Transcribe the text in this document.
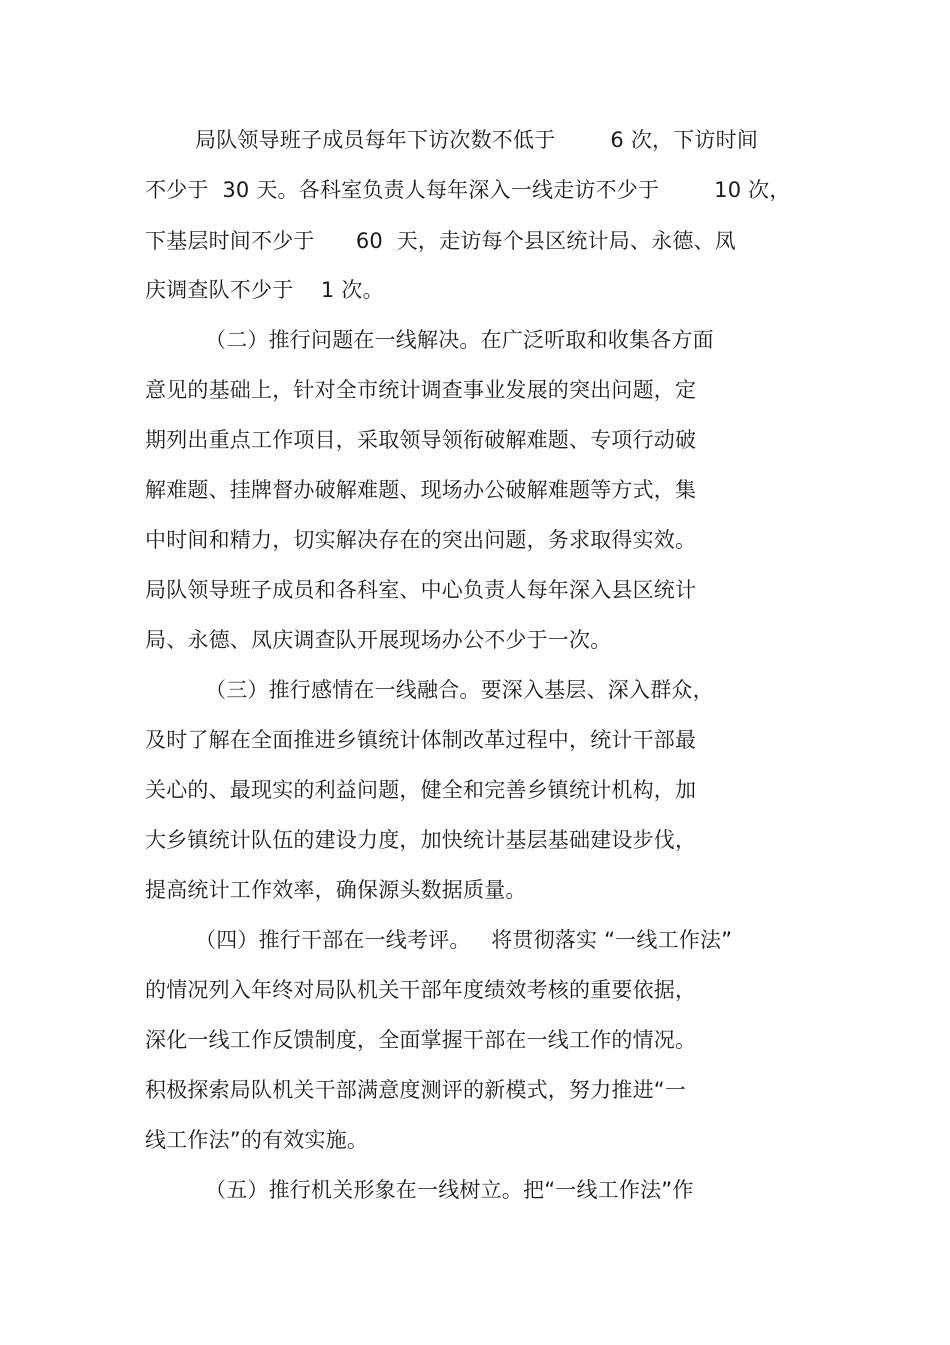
局队领导班子成员每年下访次数不低于        6 次，下访时间
不少于  30 天。各科室负责人每年深入一线走访不少于        10 次，
下基层时间不少于      60  天，走访每个县区统计局、永德、凤
庆调查队不少于    1 次。
（二）推行问题在一线解决。在广泛听取和收集各方面
意见的基础上，针对全市统计调查事业发展的突出问题，定
期列出重点工作项目，采取领导领衔破解难题、专项行动破
解难题、挂牌督办破解难题、现场办公破解难题等方式，集
中时间和精力，切实解决存在的突出问题，务求取得实效。
局队领导班子成员和各科室、中心负责人每年深入县区统计
局、永德、凤庆调查队开展现场办公不少于一次。
（三）推行感情在一线融合。要深入基层、深入群众，
及时了解在全面推进乡镇统计体制改革过程中，统计干部最
关心的、最现实的利益问题，健全和完善乡镇统计机构，加
大乡镇统计队伍的建设力度，加快统计基层基础建设步伐，
提高统计工作效率，确保源头数据质量。
（四）推行干部在一线考评。   将贯彻落实 “一线工作法”
的情况列入年终对局队机关干部年度绩效考核的重要依据，
深化一线工作反馈制度，全面掌握干部在一线工作的情况。
积极探索局队机关干部满意度测评的新模式，努力推进“一
线工作法”的有效实施。
（五）推行机关形象在一线树立。把“一线工作法”作
